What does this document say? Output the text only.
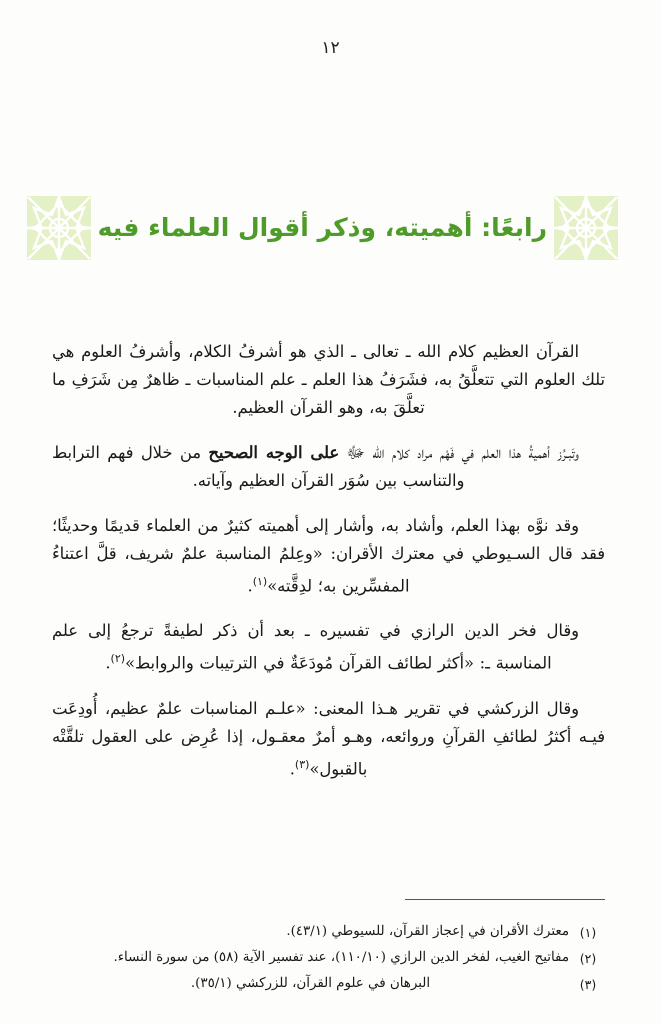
١٢
رابعًا: أهميته، وذكر أقوال العلماء فيه

القرآن العظيم كلام الله ـ تعالى ـ الذي هو أشرفُ الكلام، وأشرفُ العلوم هي تلك العلوم التي تتعلَّقُ به، فشَرَفُ هذا العلم ـ علم المناسبات ـ ظاهرٌ مِن شَرَفِ ما تعلَّقَ به، وهو القرآن العظيم.

وتَبـرُز أهميةُ هذا العلم في فَهْم مراد كلام الله ﷻ على الوجه الصحيح من خلال فهم الترابط والتناسب بين سُوَر القرآن العظيم وآياته.

وقد نوَّه بهذا العلم، وأشاد به، وأشار إلى أهميته كثيرٌ من العلماء قديمًا وحديثًا؛ فقد قال السـيوطي في معترك الأقران: «وعِلمُ المناسبة علمٌ شريف، قلَّ اعتناءُ المفسِّرين به؛ لدِقَّته»$^{(١)}$.

وقال فخر الدين الرازي في تفسيره ـ بعد أن ذكر لطيفةً ترجعُ إلى علم المناسبة ـ: «أكثر لطائف القرآن مُودَعَةٌ في الترتيبات والروابط»$^{(٢)}$.

وقال الزركشي في تقرير هـذا المعنى: «علـم المناسبات علمٌ عظيم، أُودِعَت فيـه أكثرُ لطائفِ القرآنِ وروائعه، وهـو أمرٌ معقـول، إذا عُرِض على العقول تلقَّتْه بالقبول»$^{(٣)}$.

(١)
معترك الأقران في إعجاز القرآن، للسيوطي (٤٣/١).
(٢)
مفاتيح الغيب، لفخر الدين الرازي (١١٠/١٠)، عند تفسير الآية (٥٨) من سورة النساء.
(٣)
البرهان في علوم القرآن، للزركشي (٣٥/١).
